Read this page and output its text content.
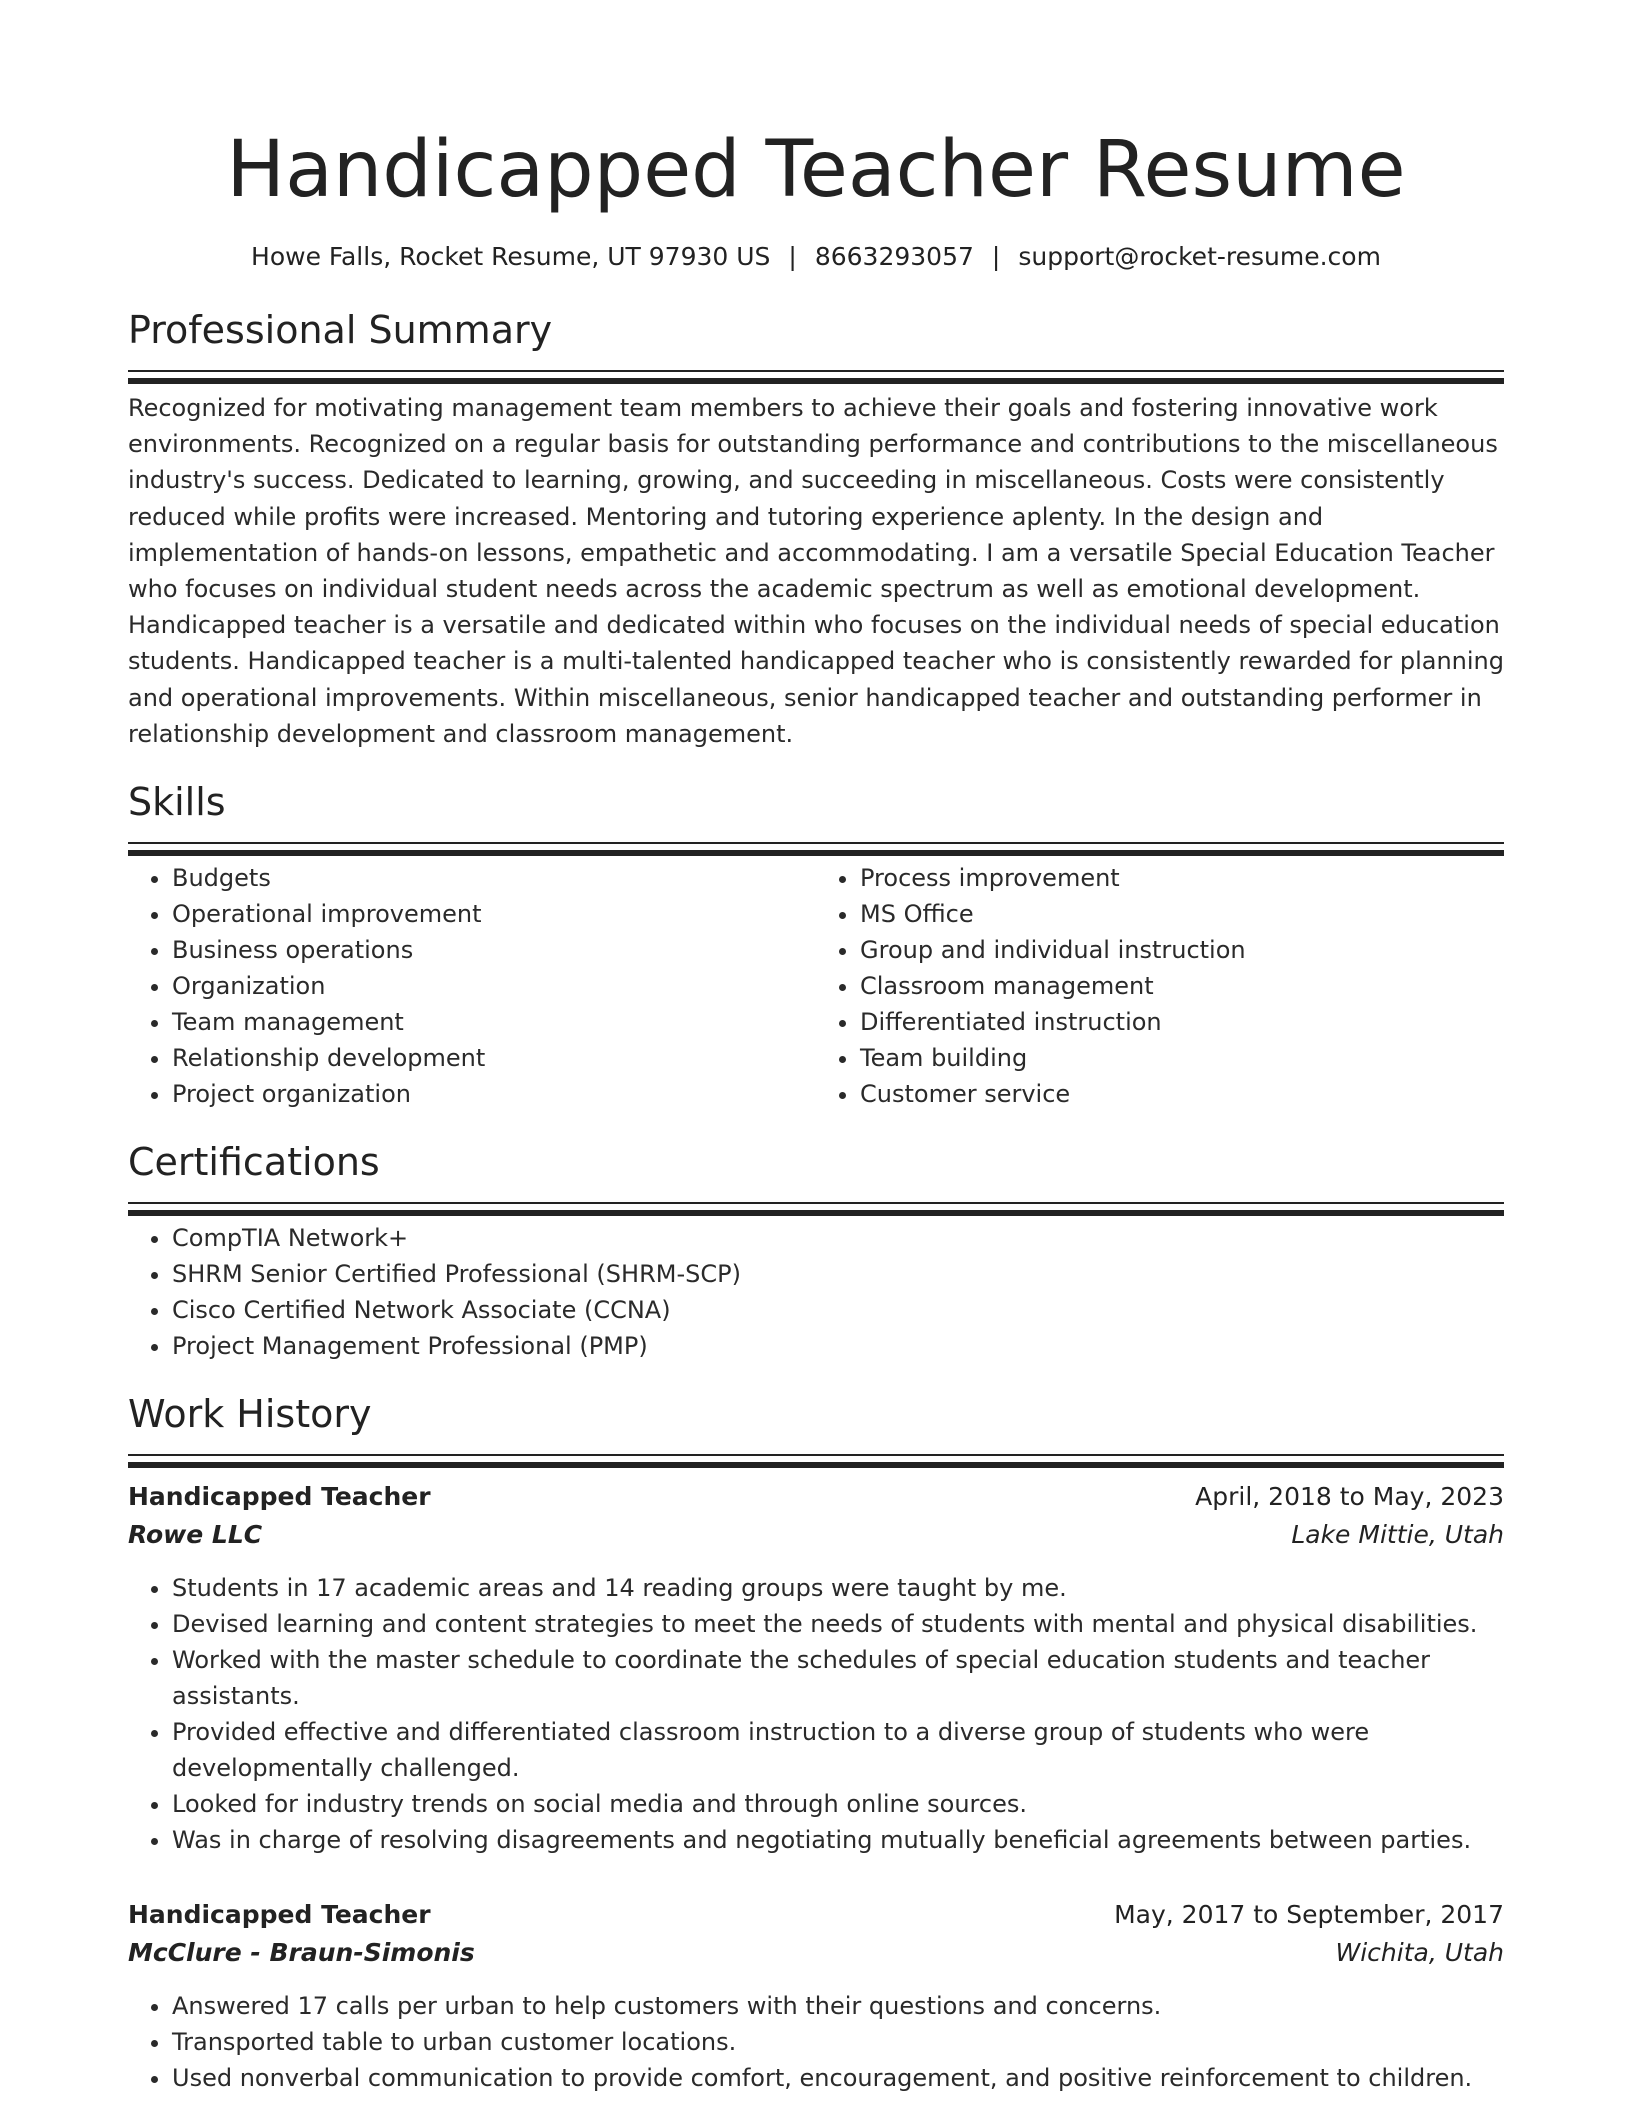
Handicapped Teacher Resume
Howe Falls, Rocket Resume, UT 97930 US | 8663293057 | support@rocket-resume.com
Professional Summary

Recognized for motivating management team members to achieve their goals and fostering innovative work environments. Recognized on a regular basis for outstanding performance and contributions to the miscellaneous industry's success. Dedicated to learning, growing, and succeeding in miscellaneous. Costs were consistently reduced while profits were increased. Mentoring and tutoring experience aplenty. In the design and implementation of hands-on lessons, empathetic and accommodating. I am a versatile Special Education Teacher who focuses on individual student needs across the academic spectrum as well as emotional development. Handicapped teacher is a versatile and dedicated within who focuses on the individual needs of special education students. Handicapped teacher is a multi-talented handicapped teacher who is consistently rewarded for planning and operational improvements. Within miscellaneous, senior handicapped teacher and outstanding performer in relationship development and classroom management.

Skills
• Budgets
• Operational improvement
• Business operations
• Organization
• Team management
• Relationship development
• Project organization
• Process improvement
• MS Office
• Group and individual instruction
• Classroom management
• Differentiated instruction
• Team building
• Customer service
Certifications
• CompTIA Network+
• SHRM Senior Certified Professional (SHRM-SCP)
• Cisco Certified Network Associate (CCNA)
• Project Management Professional (PMP)
Work History
Handicapped Teacher	April, 2018 to May, 2023
Rowe LLC	Lake Mittie, Utah
• Students in 17 academic areas and 14 reading groups were taught by me.
• Devised learning and content strategies to meet the needs of students with mental and physical disabilities.
• Worked with the master schedule to coordinate the schedules of special education students and teacher assistants.
• Provided effective and differentiated classroom instruction to a diverse group of students who were developmentally challenged.
• Looked for industry trends on social media and through online sources.
• Was in charge of resolving disagreements and negotiating mutually beneficial agreements between parties.
Handicapped Teacher	May, 2017 to September, 2017
McClure - Braun-Simonis	Wichita, Utah
• Answered 17 calls per urban to help customers with their questions and concerns.
• Transported table to urban customer locations.
• Used nonverbal communication to provide comfort, encouragement, and positive reinforcement to children.
